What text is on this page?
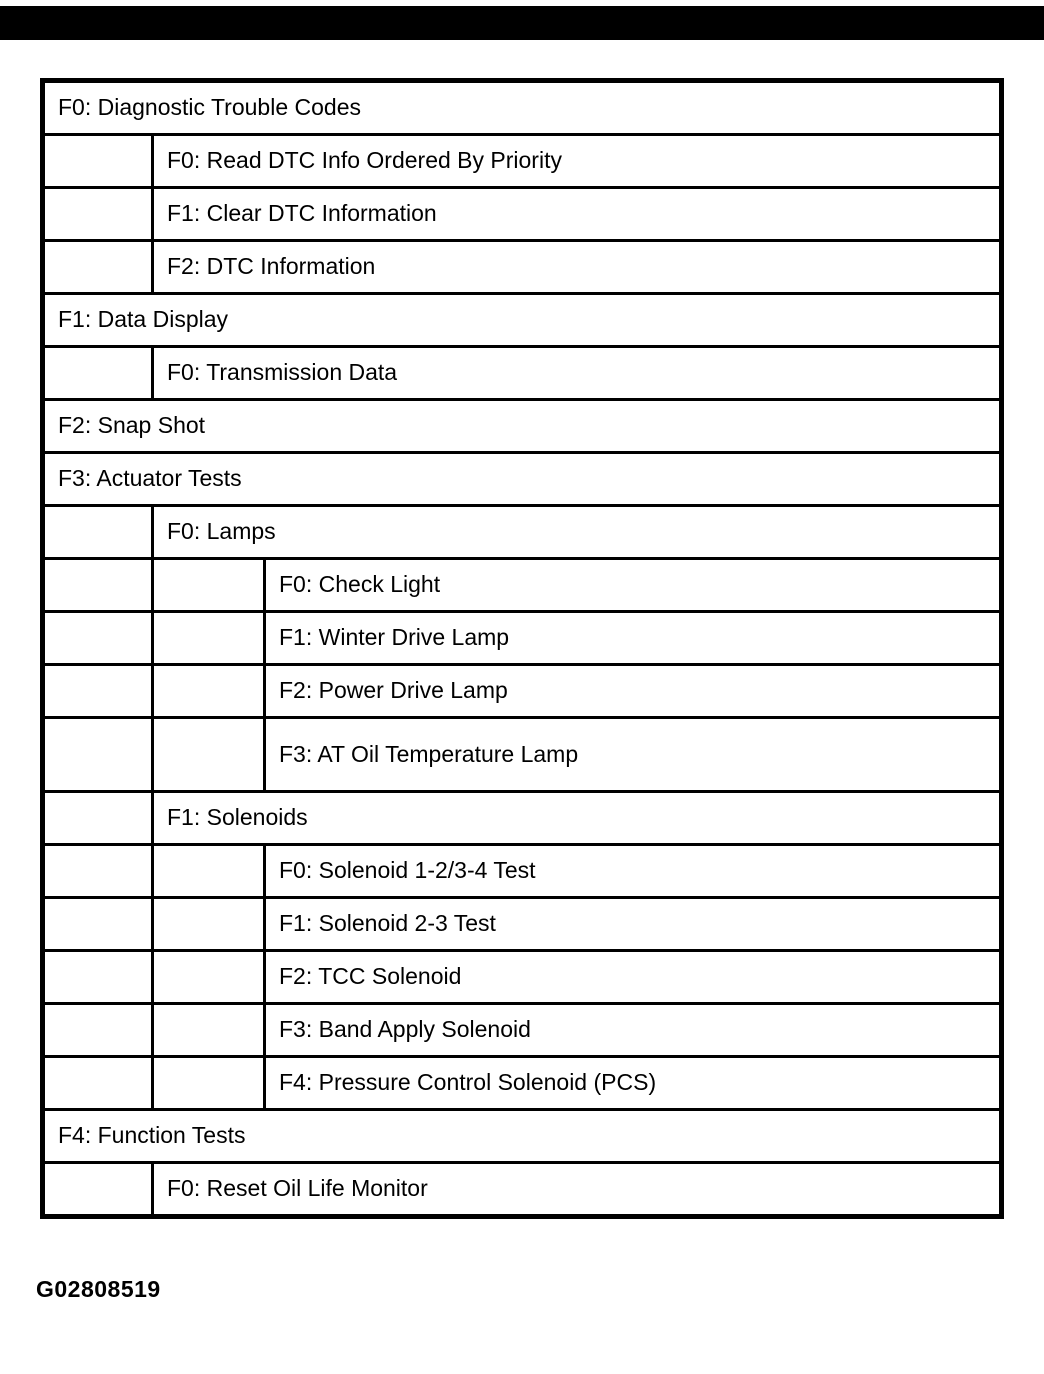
F0: Diagnostic Trouble Codes		
	F0: Read DTC Info Ordered By Priority	
	F1: Clear DTC Information	
	F2: DTC Information	
F1: Data Display		
	F0: Transmission Data	
F2: Snap Shot		
F3: Actuator Tests		
	F0: Lamps	
		F0: Check Light
		F1: Winter Drive Lamp
		F2: Power Drive Lamp
		F3: AT Oil Temperature Lamp
	F1: Solenoids	
		F0: Solenoid 1-2/3-4 Test
		F1: Solenoid 2-3 Test
		F2: TCC Solenoid
		F3: Band Apply Solenoid
		F4: Pressure Control Solenoid (PCS)
F4: Function Tests		
	F0: Reset Oil Life Monitor	
G02808519
